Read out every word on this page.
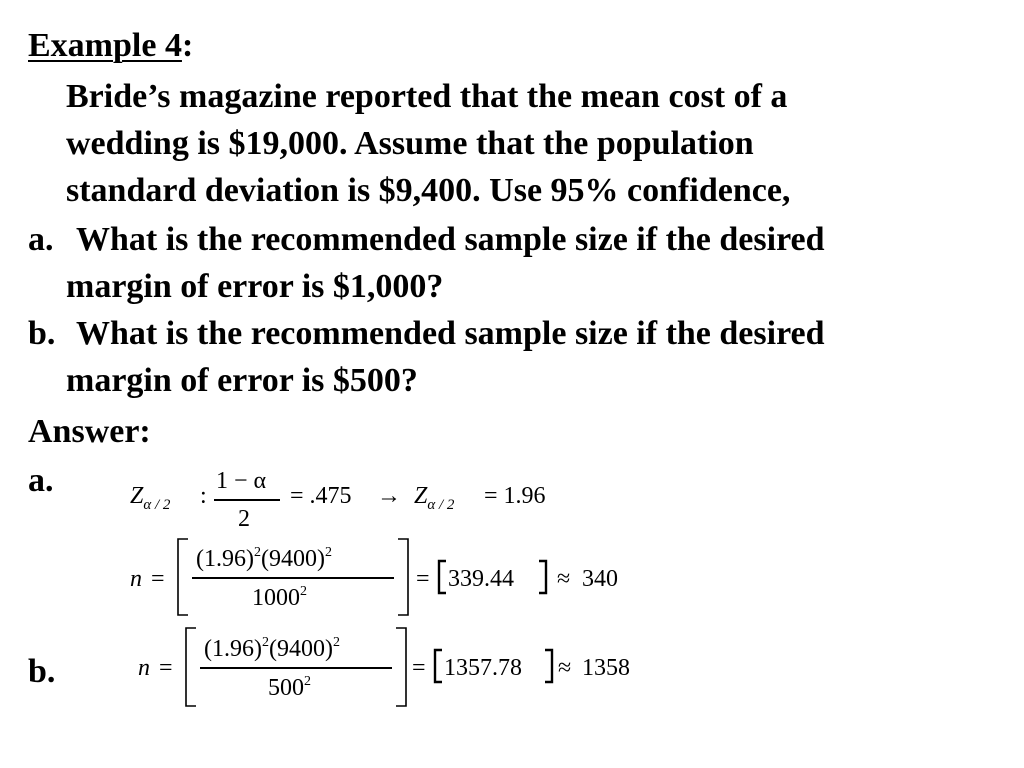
Example 4:
Bride’s magazine reported that the mean cost of a
wedding is $19,000. Assume that the population
standard deviation is $9,400. Use 95% confidence,
a. What is the recommended sample size if the desired
margin of error is $1,000?
b. What is the recommended sample size if the desired
margin of error is $500?
Answer:
a.
b.
$Z_{\alpha / 2}$ :
1 − α
2
= $.475 \to Z_{\alpha / 2} = 1.96$
n =
$(1.96)^2(9400)^2$
$1000^2$	= 339.44 ≈ 340
n =
$(1.96)^2(9400)^2$
$500^2$
= 1357.78 ≈ 1358
